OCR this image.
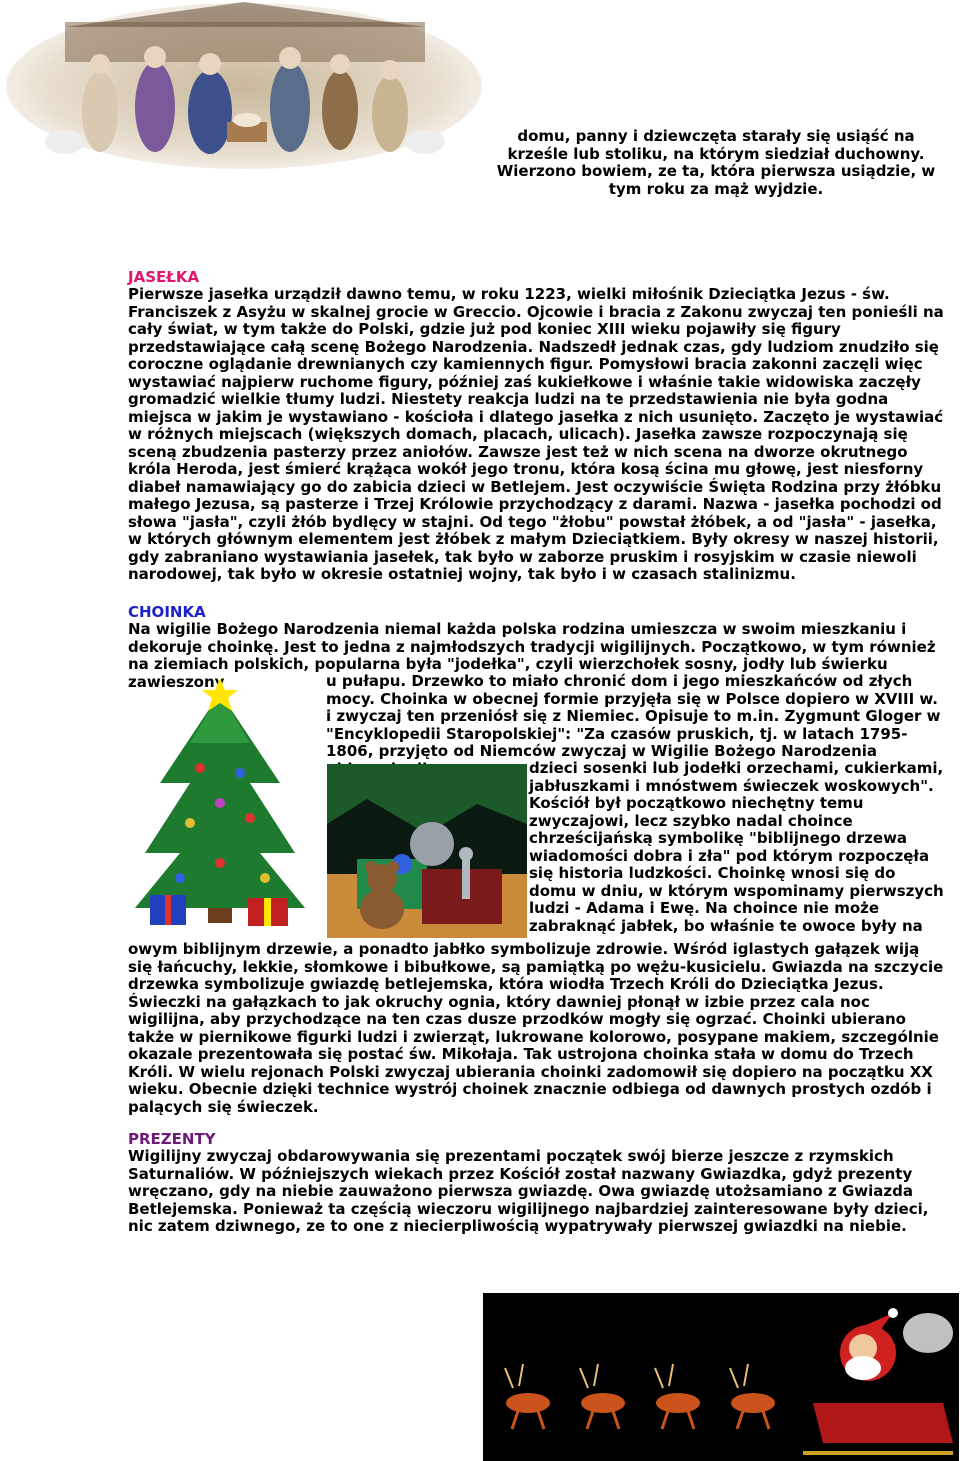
domu, panny i dziewczęta starały się usiąść na krześle lub stoliku, na którym siedział duchowny. Wierzono bowiem, ze ta, która pierwsza usiądzie, w tym roku za mąż wyjdzie.
JASEŁKA
Pierwsze jasełka urządził dawno temu, w roku 1223, wielki miłośnik Dzieciątka Jezus - św. Franciszek z Asyżu w skalnej grocie w Greccio. Ojcowie i bracia z Zakonu zwyczaj ten ponieśli na cały świat, w tym także do Polski, gdzie już pod koniec XIII wieku pojawiły się figury przedstawiające całą scenę Bożego Narodzenia. Nadszedł jednak czas, gdy ludziom znudziło się coroczne oglądanie drewnianych czy kamiennych figur. Pomysłowi bracia zakonni zaczęli więc wystawiać najpierw ruchome figury, później zaś kukiełkowe i właśnie takie widowiska zaczęły gromadzić wielkie tłumy ludzi. Niestety reakcja ludzi na te przedstawienia nie była godna miejsca w jakim je wystawiano - kościoła i dlatego jasełka z nich usunięto. Zaczęto je wystawiać w różnych miejscach (większych domach, placach, ulicach). Jasełka zawsze rozpoczynają się sceną zbudzenia pasterzy przez aniołów. Zawsze jest też w nich scena na dworze okrutnego króla Heroda, jest śmierć krążąca wokół jego tronu, która kosą ścina mu głowę, jest niesforny diabeł namawiający go do zabicia dzieci w Betlejem. Jest oczywiście Święta Rodzina przy żłóbku małego Jezusa, są pasterze i Trzej Królowie przychodzący z darami. Nazwa - jasełka pochodzi od słowa "jasła", czyli żłób bydlęcy w stajni. Od tego "żłobu" powstał żłóbek, a od "jasła" - jasełka, w których głównym elementem jest żłóbek z małym Dzieciątkiem. Były okresy w naszej historii, gdy zabraniano wystawiania jasełek, tak było w zaborze pruskim i rosyjskim w czasie niewoli narodowej, tak było w okresie ostatniej wojny, tak było i w czasach stalinizmu.
CHOINKA
Na wigilie Bożego Narodzenia niemal każda polska rodzina umieszcza w swoim mieszkaniu i dekoruje choinkę. Jest to jedna z najmłodszych tradycji wigilijnych. Początkowo, w tym również na ziemiach polskich, popularna była "jodełka", czyli wierzchołek sosny, jodły lub świerku zawieszony	u pułapu. Drzewko to miało chronić dom i jego mieszkańców od złych mocy. Choinka w obecnej formie przyjęła się w Polsce dopiero w XVIII w. i zwyczaj ten przeniósł się z Niemiec. Opisuje to m.in. Zygmunt Gloger w "Encyklopedii Staropolskiej": "Za czasów pruskich, tj. w latach 1795-1806, przyjęto od Niemców zwyczaj w Wigilie Bożego Narodzenia
dzieci sosenki lub jodełki orzechami, cukierkami, jabłuszkami i mnóstwem świeczek woskowych". Kościół był początkowo niechętny temu zwyczajowi, lecz szybko nadal choince chrześcijańską symbolikę "biblijnego drzewa wiadomości dobra i zła" pod którym rozpoczęła się historia ludzkości. Choinkę wnosi się do domu w dniu, w którym wspominamy pierwszych ludzi - Adama i Ewę. Na choince nie może zabraknąć jabłek, bo właśnie te owoce były na
owym biblijnym drzewie, a ponadto jabłko symbolizuje zdrowie. Wśród iglastych gałązek wiją się łańcuchy, lekkie, słomkowe i bibułkowe, są pamiątką po wężu-kusicielu. Gwiazda na szczycie drzewka symbolizuje gwiazdę betlejemska, która wiodła Trzech Króli do Dzieciątka Jezus. Świeczki na gałązkach to jak okruchy ognia, który dawniej płonął w izbie przez cala noc wigilijna, aby przychodzące na ten czas dusze przodków mogły się ogrzać. Choinki ubierano także w piernikowe figurki ludzi i zwierząt, lukrowane kolorowo, posypane makiem, szczególnie okazale prezentowała się postać św. Mikołaja. Tak ustrojona choinka stała w domu do Trzech Króli. W wielu rejonach Polski zwyczaj ubierania choinki zadomowił się dopiero na początku XX wieku. Obecnie dzięki technice wystrój choinek znacznie odbiega od dawnych prostych ozdób i palących się świeczek.
PREZENTY
Wigilijny zwyczaj obdarowywania się prezentami początek swój bierze jeszcze z rzymskich Saturnaliów. W późniejszych wiekach przez Kościół został nazwany Gwiazdka, gdyż prezenty wręczano, gdy na niebie zauważono pierwsza gwiazdę. Owa gwiazdę utożsamiano z Gwiazda Betlejemska. Ponieważ ta częścią wieczoru wigilijnego najbardziej zainteresowane były dzieci, nic zatem dziwnego, ze to one z niecierpliwością wypatrywały pierwszej gwiazdki na niebie.
